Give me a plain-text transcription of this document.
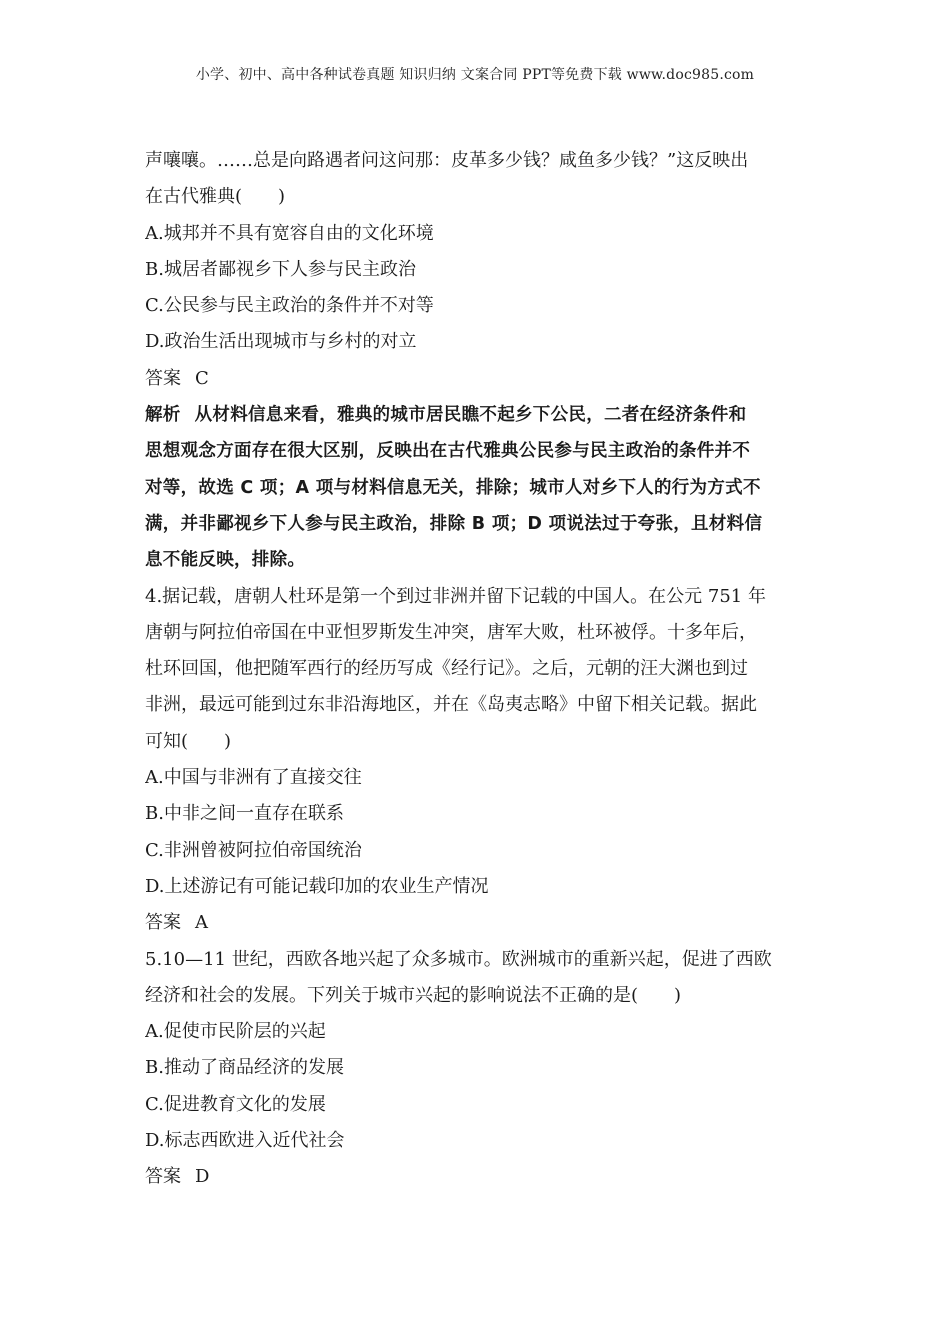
小学、初中、高中各种试卷真题 知识归纳 文案合同 PPT等免费下载 www.doc985.com
声嚷嚷。……总是向路遇者问这问那：皮革多少钱？咸鱼多少钱？”这反映出
在古代雅典(　　)
A.城邦并不具有宽容自由的文化环境
B.城居者鄙视乡下人参与民主政治
C.公民参与民主政治的条件并不对等
D.政治生活出现城市与乡村的对立
答案 C
解析 从材料信息来看，雅典的城市居民瞧不起乡下公民，二者在经济条件和
思想观念方面存在很大区别，反映出在古代雅典公民参与民主政治的条件并不
对等，故选 C 项；A 项与材料信息无关，排除；城市人对乡下人的行为方式不
满，并非鄙视乡下人参与民主政治，排除 B 项；D 项说法过于夸张，且材料信
息不能反映，排除。
4.据记载，唐朝人杜环是第一个到过非洲并留下记载的中国人。在公元 751 年
唐朝与阿拉伯帝国在中亚怛罗斯发生冲突，唐军大败，杜环被俘。十多年后，
杜环回国，他把随军西行的经历写成《经行记》。之后，元朝的汪大渊也到过
非洲，最远可能到过东非沿海地区，并在《岛夷志略》中留下相关记载。据此
可知(　　)
A.中国与非洲有了直接交往
B.中非之间一直存在联系
C.非洲曾被阿拉伯帝国统治
D.上述游记有可能记载印加的农业生产情况
答案 A
5.10—11 世纪，西欧各地兴起了众多城市。欧洲城市的重新兴起，促进了西欧
经济和社会的发展。下列关于城市兴起的影响说法不正确的是(　　)
A.促使市民阶层的兴起
B.推动了商品经济的发展
C.促进教育文化的发展
D.标志西欧进入近代社会
答案 D
